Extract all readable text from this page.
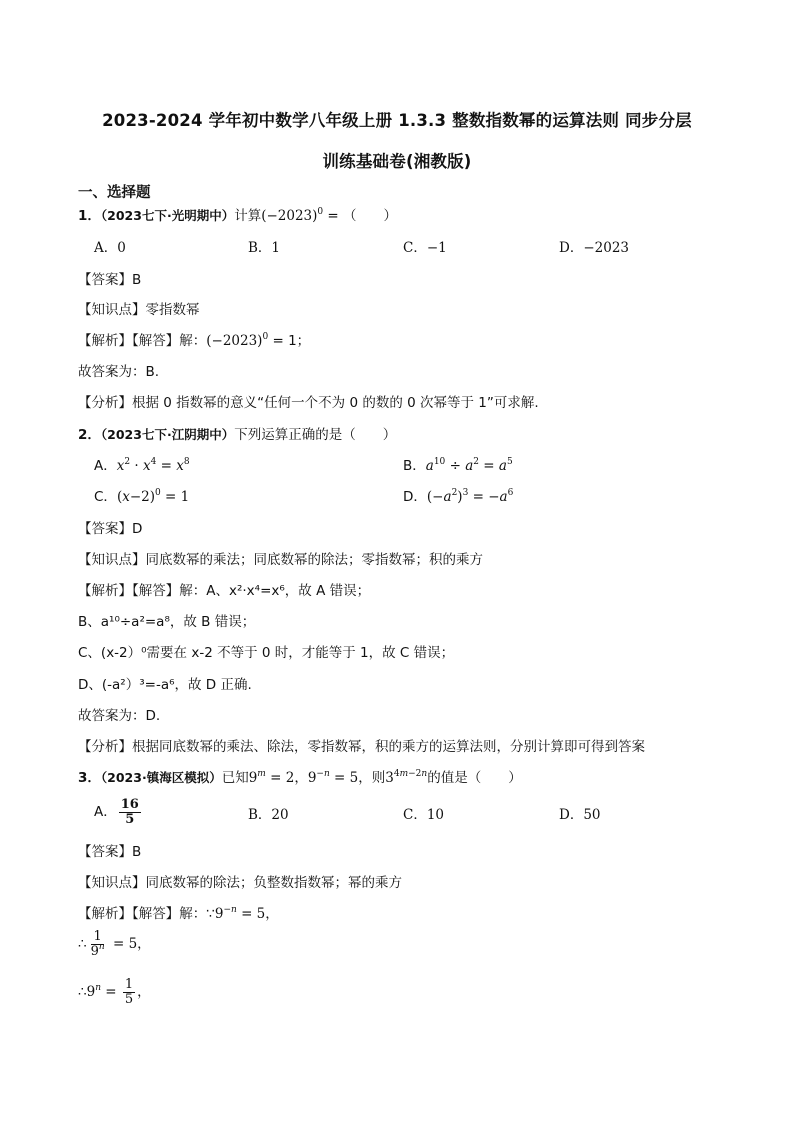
2023-2024 学年初中数学八年级上册 1.3.3 整数指数幂的运算法则 同步分层
训练基础卷(湘教版)
一、选择题
1．（2023七下·光明期中）计算$(-2023)^0$ = （　　）
A．0	B．1	C．−1	D．−2023
【答案】B
【知识点】零指数幂
【解析】【解答】解：$(-2023)^0 = 1$；
故答案为：B.
【分析】根据 0 指数幂的意义“任何一个不为 0 的数的 0 次幂等于 1”可求解.
2．（2023七下·江阴期中）下列运算正确的是（　　）
A．$x^2 \cdot x^4 = x^8$	B．$a^{10} \div a^2 = a^5$
C．$(x-2)^0 = 1$	D．$(-a^2)^3 = -a^6$
【答案】D
【知识点】同底数幂的乘法；同底数幂的除法；零指数幂；积的乘方
【解析】【解答】解：A、x²·x⁴=x⁶，故 A 错误；
B、a¹⁰÷a²=a⁸，故 B 错误；
C、(x-2）⁰需要在 x-2 不等于 0 时，才能等于 1，故 C 错误；
D、(-a²）³=-a⁶，故 D 正确.
故答案为：D.
【分析】根据同底数幂的乘法、除法，零指数幂，积的乘方的运算法则，分别计算即可得到答案
3．（2023·镇海区模拟）已知$9^m = 2$，$9^{-n} = 5$，则$3^{4m-2n}$的值是（　　）
A． $\frac{16}{5}$	B．20	C．10	D．50
【答案】B
【知识点】同底数幂的除法；负整数指数幂；幂的乘方
【解析】【解答】解：$\because 9^{-n} = 5$，
∴ $\frac{1}{9^n} = 5$，
$\therefore 9^n = \frac{1}{5}$ ，
